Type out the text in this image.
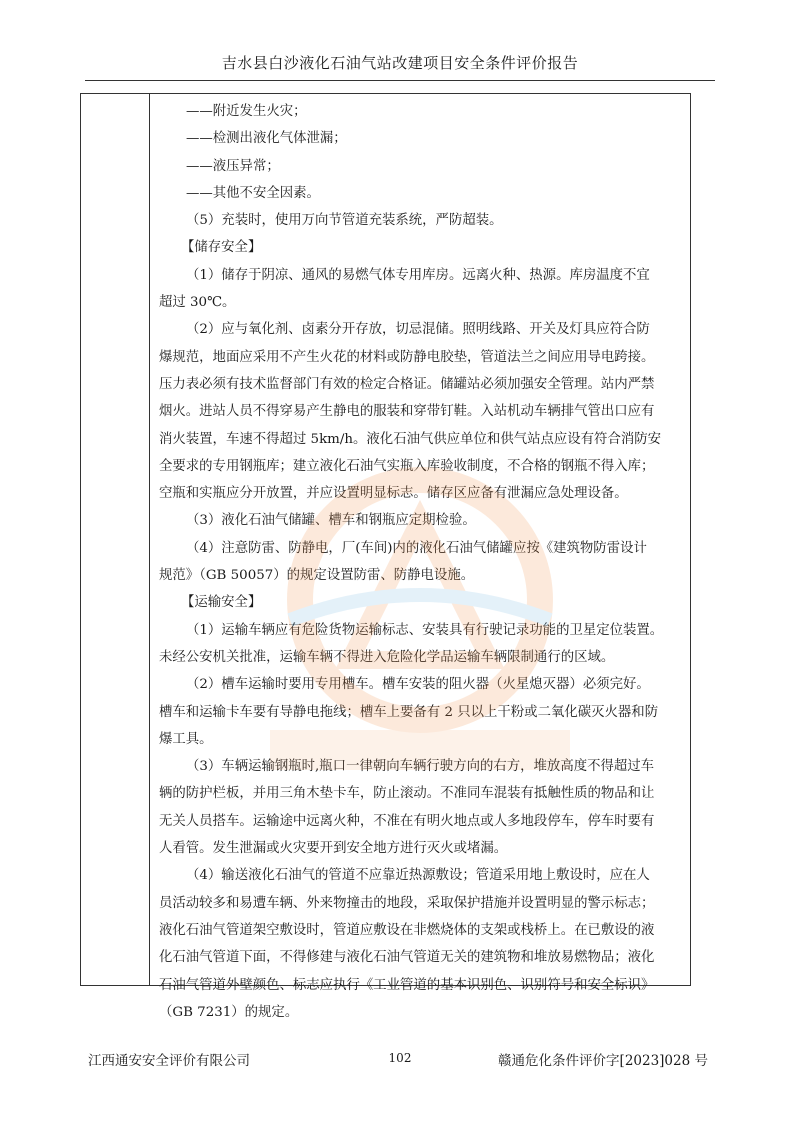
吉水县白沙液化石油气站改建项目安全条件评价报告

——附近发生火灾；

——检测出液化气体泄漏；

——液压异常；

——其他不安全因素。

（5）充装时，使用万向节管道充装系统，严防超装。

【储存安全】

（1）储存于阴凉、通风的易燃气体专用库房。远离火种、热源。库房温度不宜

超过 30℃。

（2）应与氧化剂、卤素分开存放，切忌混储。照明线路、开关及灯具应符合防

爆规范，地面应采用不产生火花的材料或防静电胶垫，管道法兰之间应用导电跨接。

压力表必须有技术监督部门有效的检定合格证。储罐站必须加强安全管理。站内严禁

烟火。进站人员不得穿易产生静电的服装和穿带钉鞋。入站机动车辆排气管出口应有

消火装置，车速不得超过 5km/h。液化石油气供应单位和供气站点应设有符合消防安

全要求的专用钢瓶库；建立液化石油气实瓶入库验收制度，不合格的钢瓶不得入库；

空瓶和实瓶应分开放置，并应设置明显标志。储存区应备有泄漏应急处理设备。

（3）液化石油气储罐、槽车和钢瓶应定期检验。

（4）注意防雷、防静电，厂(车间)内的液化石油气储罐应按《建筑物防雷设计

规范》（GB 50057）的规定设置防雷、防静电设施。

【运输安全】

（1）运输车辆应有危险货物运输标志、安装具有行驶记录功能的卫星定位装置。

未经公安机关批准，运输车辆不得进入危险化学品运输车辆限制通行的区域。

（2）槽车运输时要用专用槽车。槽车安装的阻火器（火星熄灭器）必须完好。

槽车和运输卡车要有导静电拖线；槽车上要备有 2 只以上干粉或二氧化碳灭火器和防

爆工具。

（3）车辆运输钢瓶时,瓶口一律朝向车辆行驶方向的右方，堆放高度不得超过车

辆的防护栏板，并用三角木垫卡车，防止滚动。不准同车混装有抵触性质的物品和让

无关人员搭车。运输途中远离火种，不准在有明火地点或人多地段停车，停车时要有

人看管。发生泄漏或火灾要开到安全地方进行灭火或堵漏。

（4）输送液化石油气的管道不应靠近热源敷设；管道采用地上敷设时，应在人

员活动较多和易遭车辆、外来物撞击的地段，采取保护措施并设置明显的警示标志；

液化石油气管道架空敷设时，管道应敷设在非燃烧体的支架或栈桥上。在已敷设的液

化石油气管道下面，不得修建与液化石油气管道无关的建筑物和堆放易燃物品；液化

石油气管道外壁颜色、标志应执行《工业管道的基本识别色、识别符号和安全标识》

（GB 7231）的规定。

江西通安安全评价有限公司	102	赣通危化条件评价字[2023]028 号
